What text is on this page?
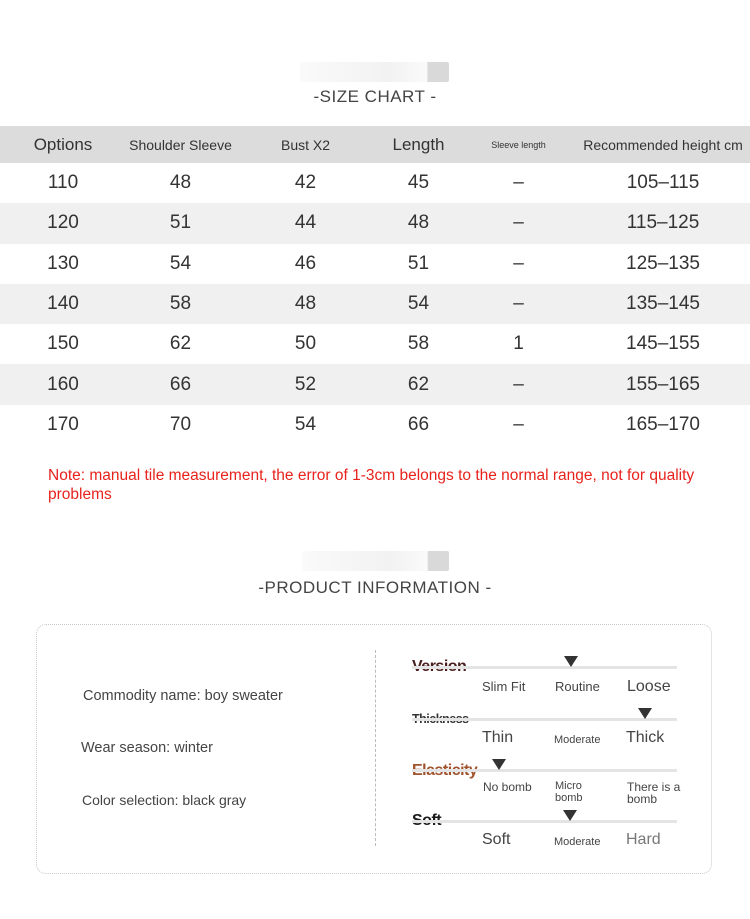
-SIZE CHART -
Options	Shoulder Sleeve	Bust X2	Length	Sleeve length	Recommended height cm
110	48	42	45	–	105–115
120	51	44	48	–	115–125
130	54	46	51	–	125–135
140	58	48	54	–	135–145
150	62	50	58	1	145–155
160	66	52	62	–	155–165
170	70	54	66	–	165–170
Note: manual tile measurement, the error of 1-3cm belongs to the normal range, not for quality problems
-PRODUCT INFORMATION -
Commodity name: boy sweater
Wear season: winter
Color selection: black gray
Slim Fit Routine Loose
Thin	Moderate Thick
No bomb Micro bomb
There is a bomb
Soft	Moderate Hard
